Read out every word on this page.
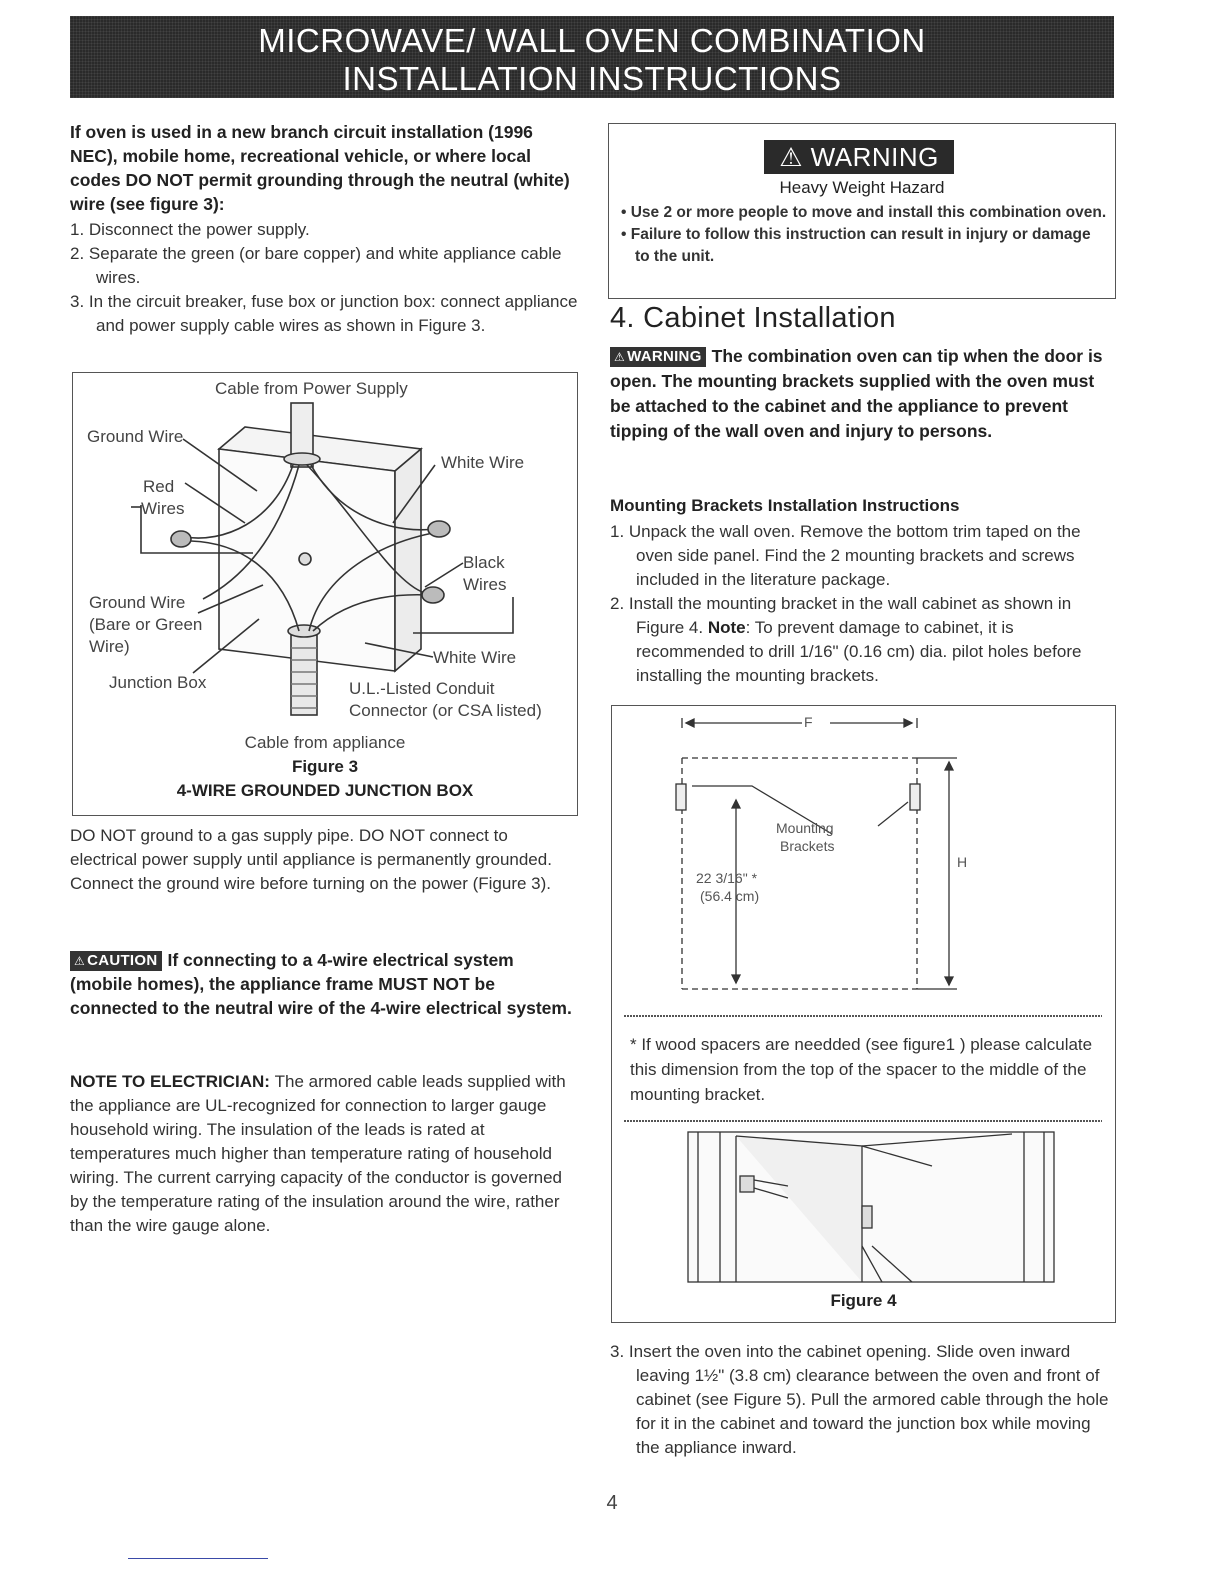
MICROWAVE/ WALL OVEN COMBINATION
INSTALLATION INSTRUCTIONS

If oven is used in a new branch circuit installation (1996 NEC), mobile home, recreational vehicle, or where local codes DO NOT permit grounding through the neutral (white) wire (see figure 3):

1. Disconnect the power supply.
2. Separate the green (or bare copper) and white appliance cable wires.
3. In the circuit breaker, fuse box or junction box: connect appliance and power supply cable wires as shown in Figure 3.
Cable from Power Supply
Ground Wire
White Wire
Red
Wires
Black
Wires
Ground Wire
(Bare or Green
Wire)
White Wire
Junction Box	U.L.-Listed Conduit
Connector (or CSA listed)
Cable from appliance
Figure 3
4-WIRE GROUNDED JUNCTION BOX

DO NOT ground to a gas supply pipe. DO NOT connect to electrical power supply until appliance is permanently grounded. Connect the ground wire before turning on the power (Figure 3).

⚠ CAUTION If connecting to a 4-wire electrical system (mobile homes), the appliance frame MUST NOT be connected to the neutral wire of the 4-wire electrical system.

NOTE TO ELECTRICIAN: The armored cable leads supplied with the appliance are UL-recognized for connection to larger gauge household wiring. The insulation of the leads is rated at temperatures much higher than temperature rating of household wiring. The current carrying capacity of the conductor is governed by the temperature rating of the insulation around the wire, rather than the wire gauge alone.

⚠ WARNING
Heavy Weight Hazard
• Use 2 or more people to move and install this combination oven.
• Failure to follow this instruction can result in injury or damage to the unit.
4. Cabinet Installation

⚠ WARNING The combination oven can tip when the door is open. The mounting brackets supplied with the oven must be attached to the cabinet and the appliance to prevent tipping of the wall oven and injury to persons.

Mounting Brackets Installation Instructions

1. Unpack the wall oven. Remove the bottom trim taped on the oven side panel. Find the 2 mounting brackets and screws included in the literature package.
2. Install the mounting bracket in the wall cabinet as shown in Figure 4. Note: To prevent damage to cabinet, it is recommended to drill 1/16" (0.16 cm) dia. pilot holes before installing the mounting brackets.
F
H
Mounting
Brackets
22 3/16" *
(56.4 cm)
* If wood spacers are needded (see figure1 ) please calculate this dimension from the top of the spacer to the middle of the mounting bracket.
Figure 4
3. Insert the oven into the cabinet opening. Slide oven inward leaving 1½" (3.8 cm) clearance between the oven and front of cabinet (see Figure 5). Pull the armored cable through the hole for it in the cabinet and toward the junction box while moving the appliance inward.
4
